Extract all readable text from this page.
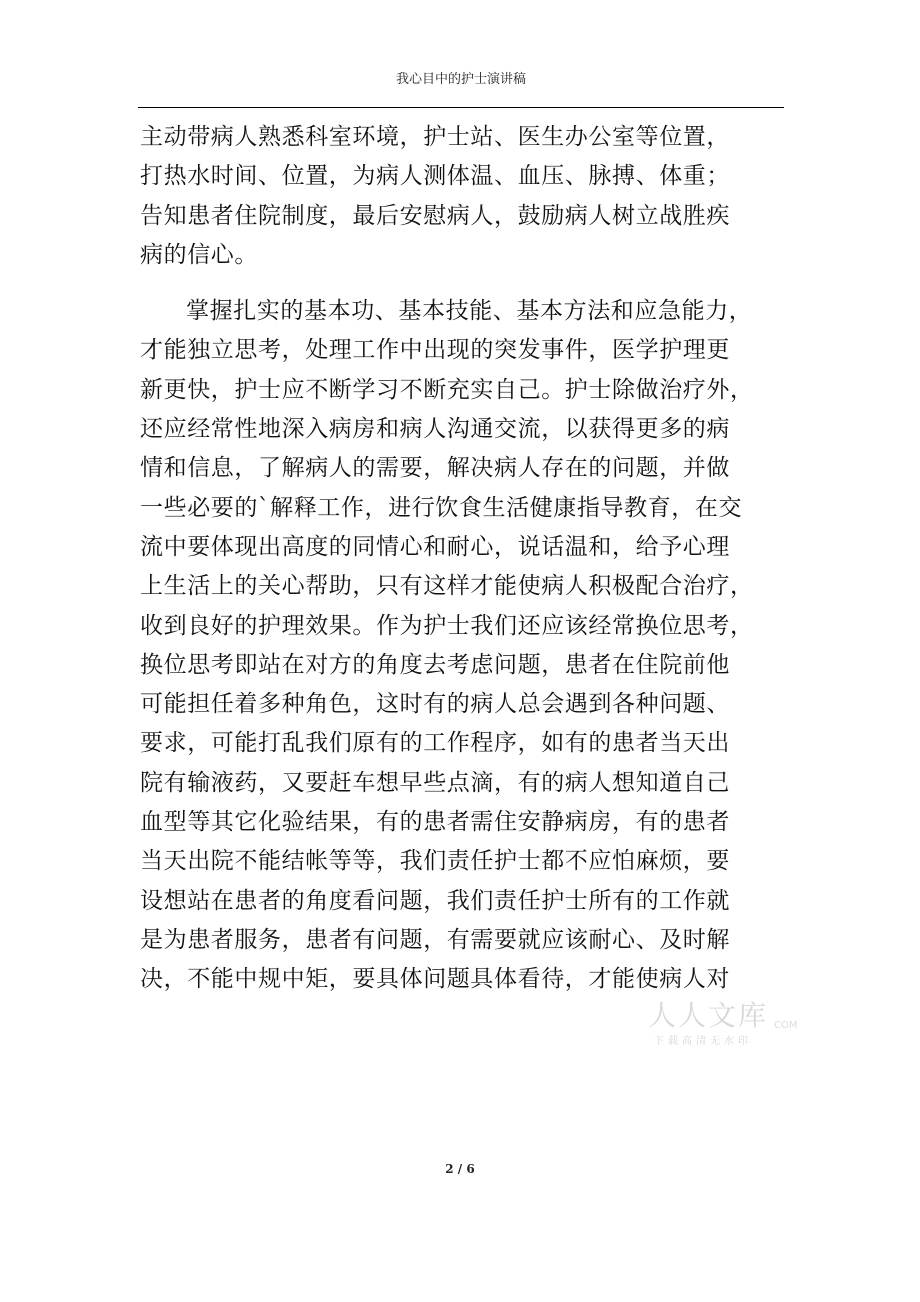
我心目中的护士演讲稿
主动带病人熟悉科室环境，护士站、医生办公室等位置，
打热水时间、位置，为病人测体温、血压、脉搏、体重；
告知患者住院制度，最后安慰病人，鼓励病人树立战胜疾
病的信心。
掌握扎实的基本功、基本技能、基本方法和应急能力，
才能独立思考，处理工作中出现的突发事件，医学护理更
新更快，护士应不断学习不断充实自己。护士除做治疗外，
还应经常性地深入病房和病人沟通交流，以获得更多的病
情和信息，了解病人的需要，解决病人存在的问题，并做
一些必要的`解释工作，进行饮食生活健康指导教育，在交
流中要体现出高度的同情心和耐心，说话温和，给予心理
上生活上的关心帮助，只有这样才能使病人积极配合治疗，
收到良好的护理效果。作为护士我们还应该经常换位思考，
换位思考即站在对方的角度去考虑问题，患者在住院前他
可能担任着多种角色，这时有的病人总会遇到各种问题、
要求，可能打乱我们原有的工作程序，如有的患者当天出
院有输液药，又要赶车想早些点滴，有的病人想知道自己
血型等其它化验结果，有的患者需住安静病房，有的患者
当天出院不能结帐等等，我们责任护士都不应怕麻烦，要
设想站在患者的角度看问题，我们责任护士所有的工作就
是为患者服务，患者有问题，有需要就应该耐心、及时解
决，不能中规中矩，要具体问题具体看待，才能使病人对
人人文库 COM
下载高清无水印
2 / 6
